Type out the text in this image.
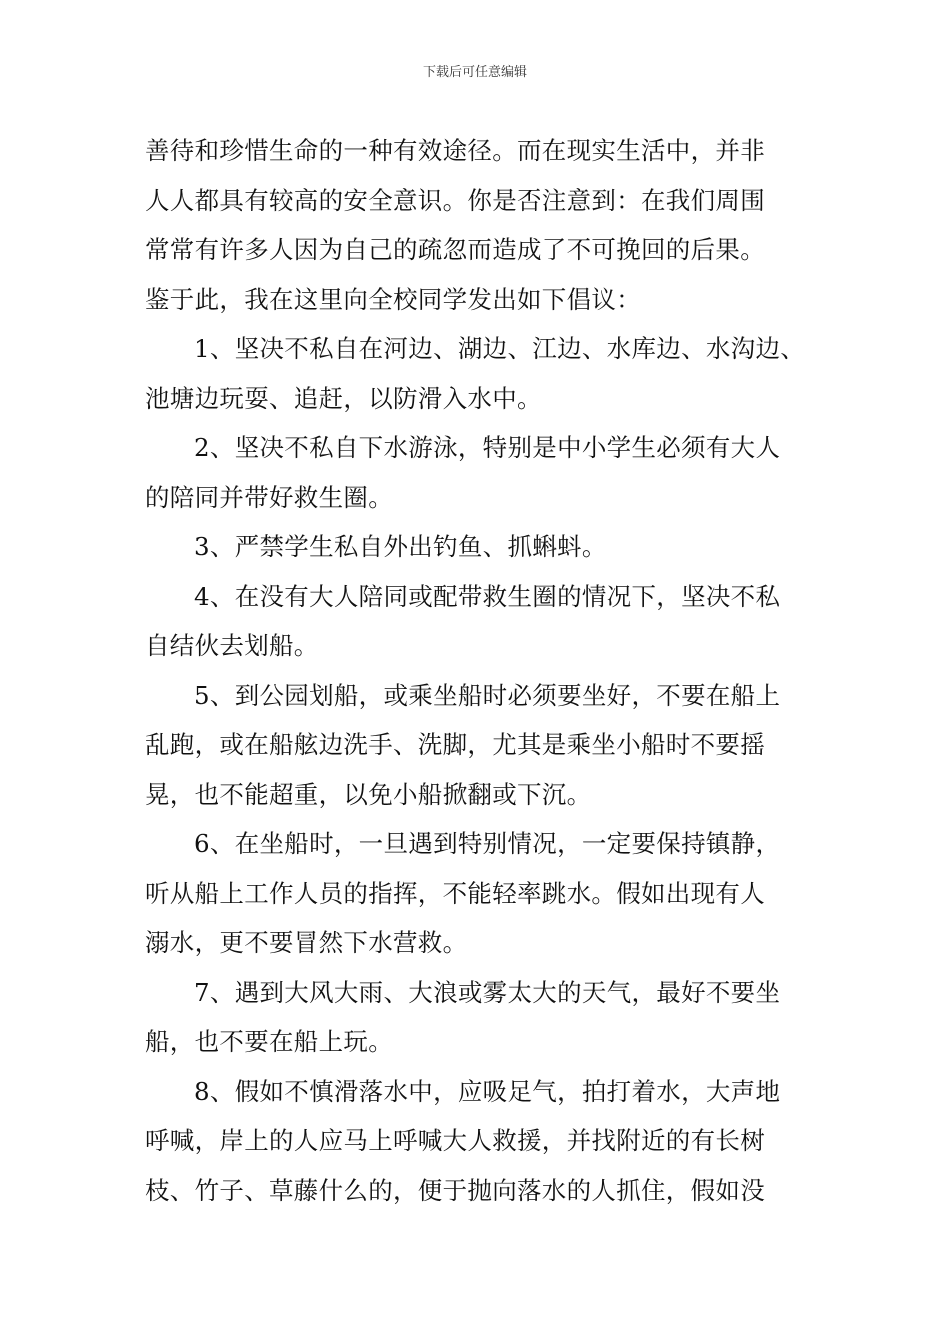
下载后可任意编辑
善待和珍惜生命的一种有效途径。而在现实生活中，并非
人人都具有较高的安全意识。你是否注意到：在我们周围
常常有许多人因为自己的疏忽而造成了不可挽回的后果。
鉴于此，我在这里向全校同学发出如下倡议：
1、坚决不私自在河边、湖边、江边、水库边、水沟边、
池塘边玩耍、追赶，以防滑入水中。
2、坚决不私自下水游泳，特别是中小学生必须有大人
的陪同并带好救生圈。
3、严禁学生私自外出钓鱼、抓蝌蚪。
4、在没有大人陪同或配带救生圈的情况下，坚决不私
自结伙去划船。
5、到公园划船，或乘坐船时必须要坐好，不要在船上
乱跑，或在船舷边洗手、洗脚，尤其是乘坐小船时不要摇
晃，也不能超重，以免小船掀翻或下沉。
6、在坐船时，一旦遇到特别情况，一定要保持镇静，
听从船上工作人员的指挥，不能轻率跳水。假如出现有人
溺水，更不要冒然下水营救。
7、遇到大风大雨、大浪或雾太大的天气，最好不要坐
船，也不要在船上玩。
8、假如不慎滑落水中，应吸足气，拍打着水，大声地
呼喊，岸上的人应马上呼喊大人救援，并找附近的有长树
枝、竹子、草藤什么的，便于抛向落水的人抓住，假如没
